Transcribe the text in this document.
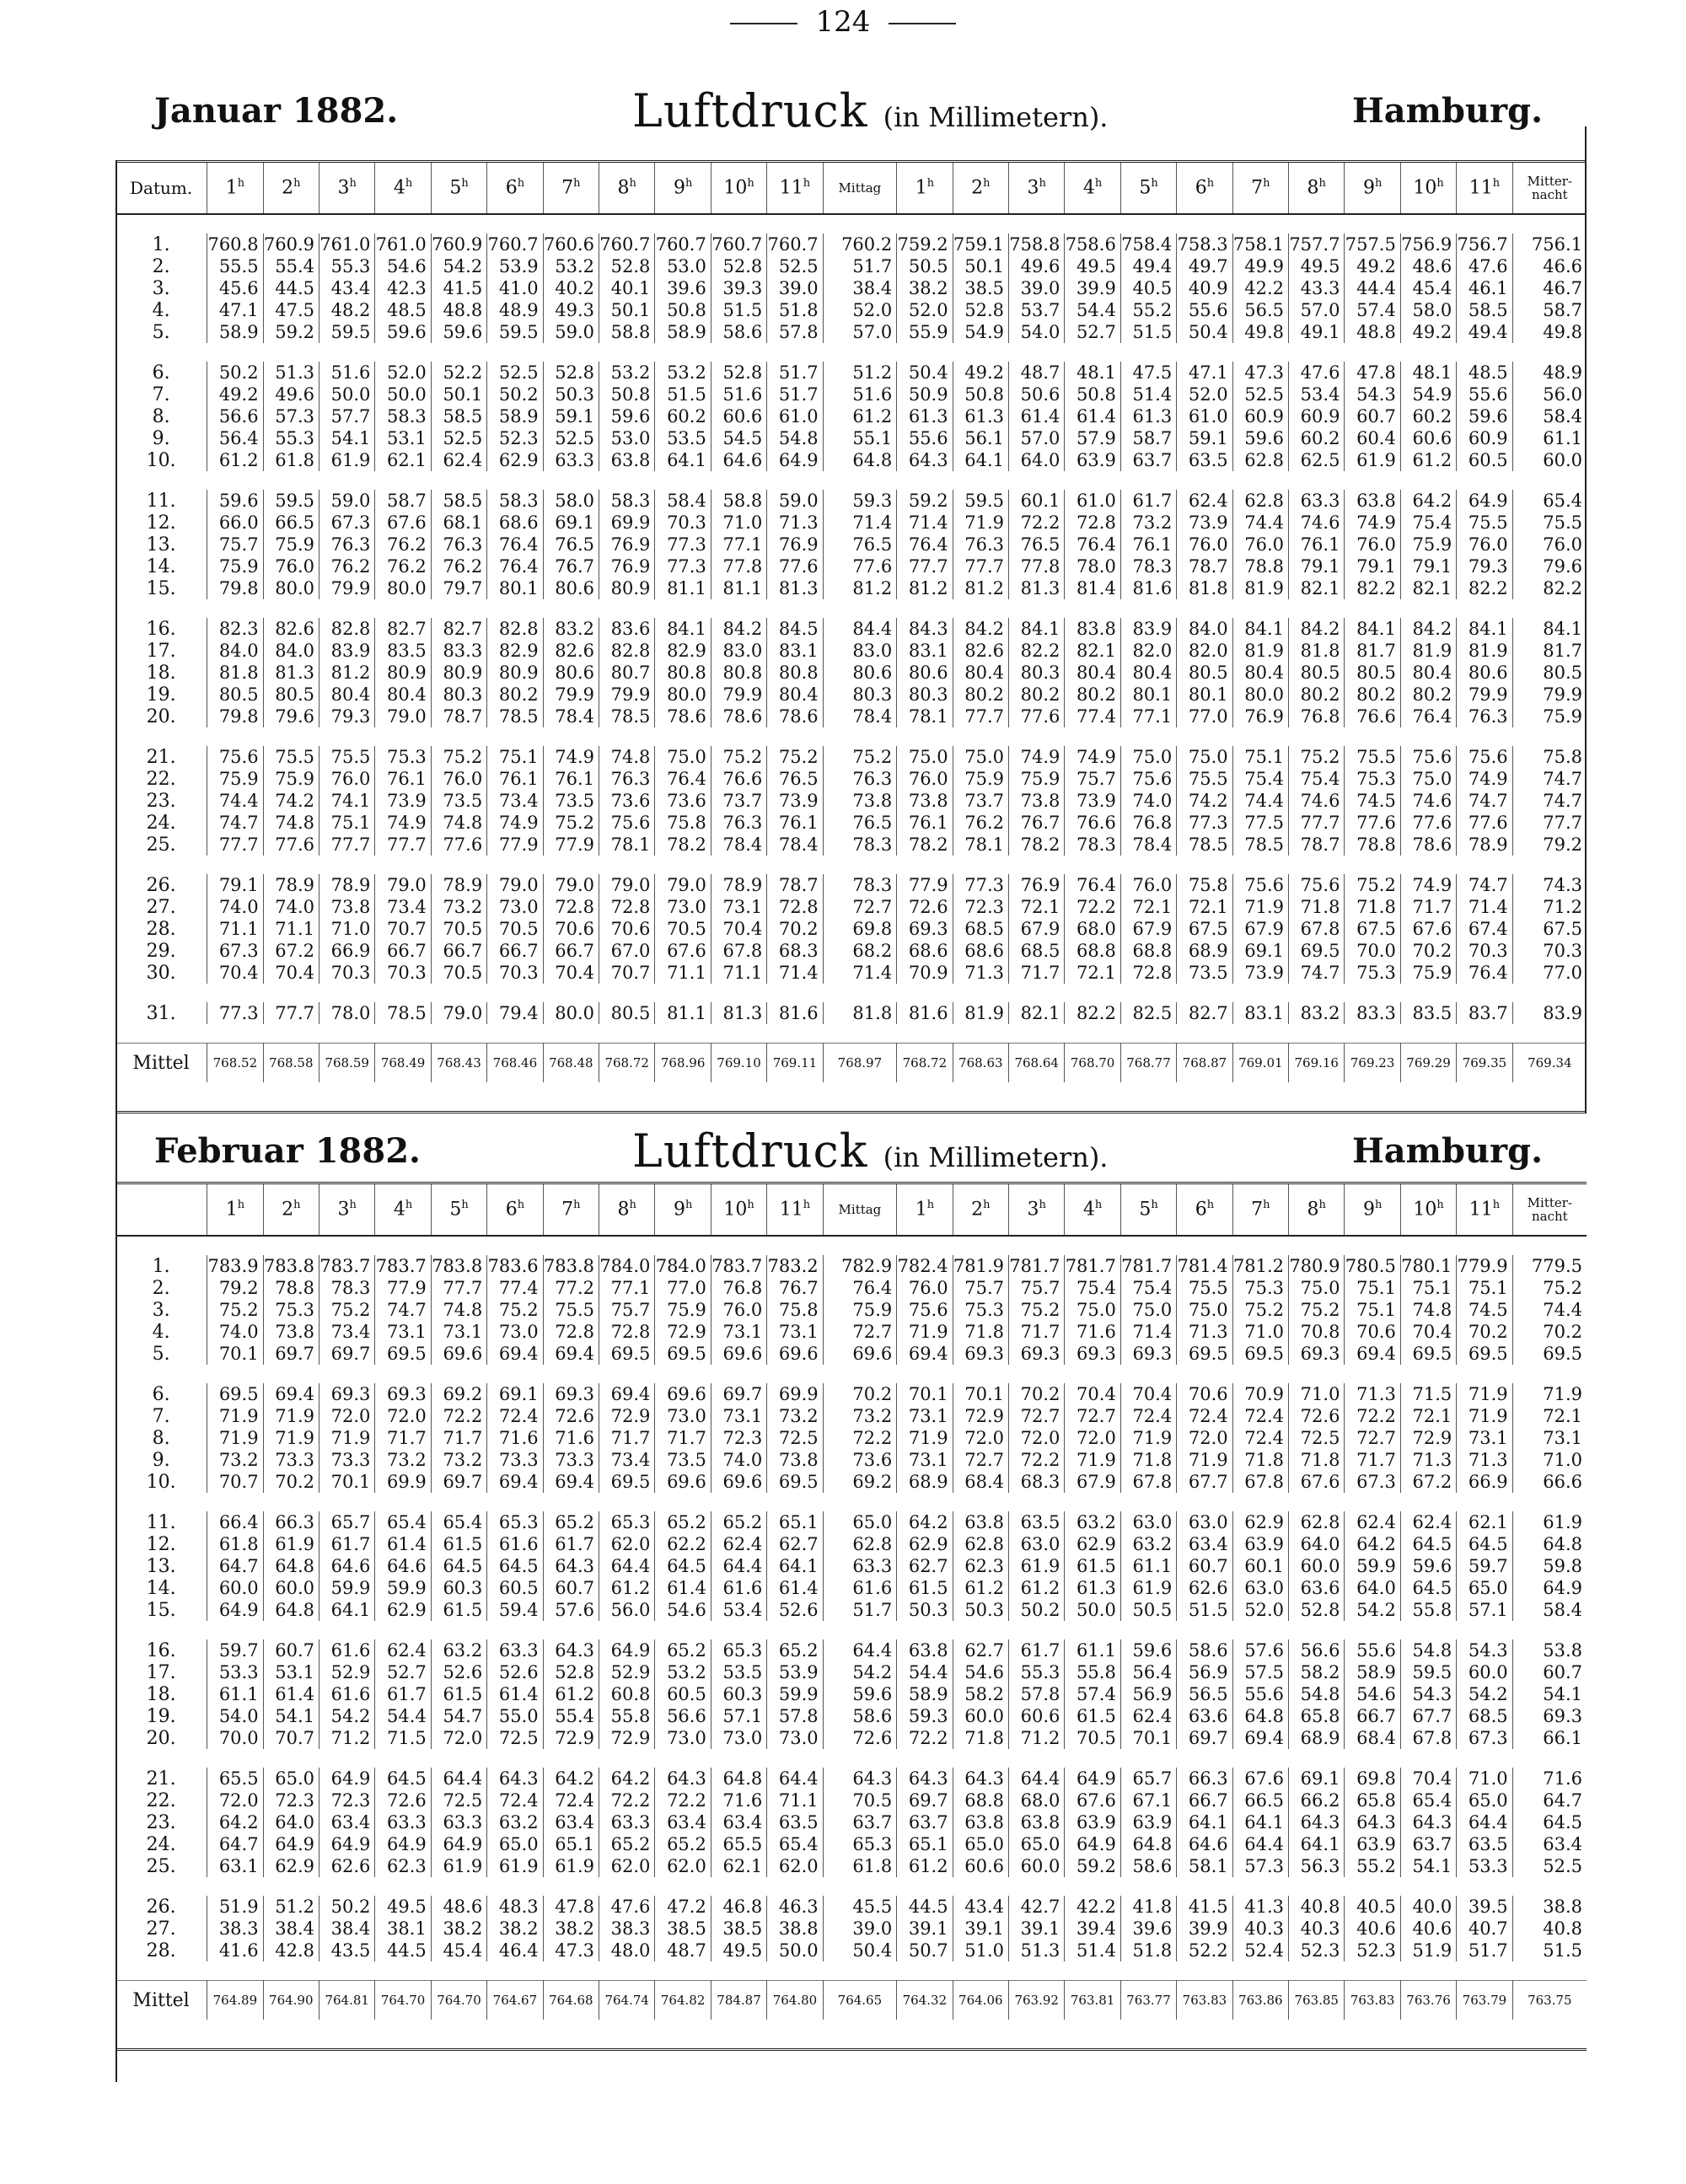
124
Januar 1882.	Luftdruck (in Millimetern).	Hamburg.
Datum.	1$^h$	2$^h$	3$^h$	4$^h$	5$^h$	6$^h$	7$^h$	8$^h$	9$^h$	10$^h$	11$^h$	Mittag	1$^h$	2$^h$	3$^h$	4$^h$	5$^h$	6$^h$	7$^h$	8$^h$	9$^h$	10$^h$	11$^h$	Mitter-nacht

1.	760.8	760.9	761.0	761.0	760.9	760.7	760.6	760.7	760.7	760.7	760.7	760.2	759.2	759.1	758.8	758.6	758.4	758.3	758.1	757.7	757.5	756.9	756.7	756.1
2.	55.5	55.4	55.3	54.6	54.2	53.9	53.2	52.8	53.0	52.8	52.5	51.7	50.5	50.1	49.6	49.5	49.4	49.7	49.9	49.5	49.2	48.6	47.6	46.6
3.	45.6	44.5	43.4	42.3	41.5	41.0	40.2	40.1	39.6	39.3	39.0	38.4	38.2	38.5	39.0	39.9	40.5	40.9	42.2	43.3	44.4	45.4	46.1	46.7
4.	47.1	47.5	48.2	48.5	48.8	48.9	49.3	50.1	50.8	51.5	51.8	52.0	52.0	52.8	53.7	54.4	55.2	55.6	56.5	57.0	57.4	58.0	58.5	58.7
5.	58.9	59.2	59.5	59.6	59.6	59.5	59.0	58.8	58.9	58.6	57.8	57.0	55.9	54.9	54.0	52.7	51.5	50.4	49.8	49.1	48.8	49.2	49.4	49.8

6.	50.2	51.3	51.6	52.0	52.2	52.5	52.8	53.2	53.2	52.8	51.7	51.2	50.4	49.2	48.7	48.1	47.5	47.1	47.3	47.6	47.8	48.1	48.5	48.9
7.	49.2	49.6	50.0	50.0	50.1	50.2	50.3	50.8	51.5	51.6	51.7	51.6	50.9	50.8	50.6	50.8	51.4	52.0	52.5	53.4	54.3	54.9	55.6	56.0
8.	56.6	57.3	57.7	58.3	58.5	58.9	59.1	59.6	60.2	60.6	61.0	61.2	61.3	61.3	61.4	61.4	61.3	61.0	60.9	60.9	60.7	60.2	59.6	58.4
9.	56.4	55.3	54.1	53.1	52.5	52.3	52.5	53.0	53.5	54.5	54.8	55.1	55.6	56.1	57.0	57.9	58.7	59.1	59.6	60.2	60.4	60.6	60.9	61.1
10.	61.2	61.8	61.9	62.1	62.4	62.9	63.3	63.8	64.1	64.6	64.9	64.8	64.3	64.1	64.0	63.9	63.7	63.5	62.8	62.5	61.9	61.2	60.5	60.0

11.	59.6	59.5	59.0	58.7	58.5	58.3	58.0	58.3	58.4	58.8	59.0	59.3	59.2	59.5	60.1	61.0	61.7	62.4	62.8	63.3	63.8	64.2	64.9	65.4
12.	66.0	66.5	67.3	67.6	68.1	68.6	69.1	69.9	70.3	71.0	71.3	71.4	71.4	71.9	72.2	72.8	73.2	73.9	74.4	74.6	74.9	75.4	75.5	75.5
13.	75.7	75.9	76.3	76.2	76.3	76.4	76.5	76.9	77.3	77.1	76.9	76.5	76.4	76.3	76.5	76.4	76.1	76.0	76.0	76.1	76.0	75.9	76.0	76.0
14.	75.9	76.0	76.2	76.2	76.2	76.4	76.7	76.9	77.3	77.8	77.6	77.6	77.7	77.7	77.8	78.0	78.3	78.7	78.8	79.1	79.1	79.1	79.3	79.6
15.	79.8	80.0	79.9	80.0	79.7	80.1	80.6	80.9	81.1	81.1	81.3	81.2	81.2	81.2	81.3	81.4	81.6	81.8	81.9	82.1	82.2	82.1	82.2	82.2

16.	82.3	82.6	82.8	82.7	82.7	82.8	83.2	83.6	84.1	84.2	84.5	84.4	84.3	84.2	84.1	83.8	83.9	84.0	84.1	84.2	84.1	84.2	84.1	84.1
17.	84.0	84.0	83.9	83.5	83.3	82.9	82.6	82.8	82.9	83.0	83.1	83.0	83.1	82.6	82.2	82.1	82.0	82.0	81.9	81.8	81.7	81.9	81.9	81.7
18.	81.8	81.3	81.2	80.9	80.9	80.9	80.6	80.7	80.8	80.8	80.8	80.6	80.6	80.4	80.3	80.4	80.4	80.5	80.4	80.5	80.5	80.4	80.6	80.5
19.	80.5	80.5	80.4	80.4	80.3	80.2	79.9	79.9	80.0	79.9	80.4	80.3	80.3	80.2	80.2	80.2	80.1	80.1	80.0	80.2	80.2	80.2	79.9	79.9
20.	79.8	79.6	79.3	79.0	78.7	78.5	78.4	78.5	78.6	78.6	78.6	78.4	78.1	77.7	77.6	77.4	77.1	77.0	76.9	76.8	76.6	76.4	76.3	75.9

21.	75.6	75.5	75.5	75.3	75.2	75.1	74.9	74.8	75.0	75.2	75.2	75.2	75.0	75.0	74.9	74.9	75.0	75.0	75.1	75.2	75.5	75.6	75.6	75.8
22.	75.9	75.9	76.0	76.1	76.0	76.1	76.1	76.3	76.4	76.6	76.5	76.3	76.0	75.9	75.9	75.7	75.6	75.5	75.4	75.4	75.3	75.0	74.9	74.7
23.	74.4	74.2	74.1	73.9	73.5	73.4	73.5	73.6	73.6	73.7	73.9	73.8	73.8	73.7	73.8	73.9	74.0	74.2	74.4	74.6	74.5	74.6	74.7	74.7
24.	74.7	74.8	75.1	74.9	74.8	74.9	75.2	75.6	75.8	76.3	76.1	76.5	76.1	76.2	76.7	76.6	76.8	77.3	77.5	77.7	77.6	77.6	77.6	77.7
25.	77.7	77.6	77.7	77.7	77.6	77.9	77.9	78.1	78.2	78.4	78.4	78.3	78.2	78.1	78.2	78.3	78.4	78.5	78.5	78.7	78.8	78.6	78.9	79.2

26.	79.1	78.9	78.9	79.0	78.9	79.0	79.0	79.0	79.0	78.9	78.7	78.3	77.9	77.3	76.9	76.4	76.0	75.8	75.6	75.6	75.2	74.9	74.7	74.3
27.	74.0	74.0	73.8	73.4	73.2	73.0	72.8	72.8	73.0	73.1	72.8	72.7	72.6	72.3	72.1	72.2	72.1	72.1	71.9	71.8	71.8	71.7	71.4	71.2
28.	71.1	71.1	71.0	70.7	70.5	70.5	70.6	70.6	70.5	70.4	70.2	69.8	69.3	68.5	67.9	68.0	67.9	67.5	67.9	67.8	67.5	67.6	67.4	67.5
29.	67.3	67.2	66.9	66.7	66.7	66.7	66.7	67.0	67.6	67.8	68.3	68.2	68.6	68.6	68.5	68.8	68.8	68.9	69.1	69.5	70.0	70.2	70.3	70.3
30.	70.4	70.4	70.3	70.3	70.5	70.3	70.4	70.7	71.1	71.1	71.4	71.4	70.9	71.3	71.7	72.1	72.8	73.5	73.9	74.7	75.3	75.9	76.4	77.0

31.	77.3	77.7	78.0	78.5	79.0	79.4	80.0	80.5	81.1	81.3	81.6	81.8	81.6	81.9	82.1	82.2	82.5	82.7	83.1	83.2	83.3	83.5	83.7	83.9

Mittel	768.52	768.58	768.59	768.49	768.43	768.46	768.48	768.72	768.96	769.10	769.11	768.97	768.72	768.63	768.64	768.70	768.77	768.87	769.01	769.16	769.23	769.29	769.35	769.34
Februar 1882.	Luftdruck (in Millimetern).	Hamburg.
	1$^h$	2$^h$	3$^h$	4$^h$	5$^h$	6$^h$	7$^h$	8$^h$	9$^h$	10$^h$	11$^h$	Mittag	1$^h$	2$^h$	3$^h$	4$^h$	5$^h$	6$^h$	7$^h$	8$^h$	9$^h$	10$^h$	11$^h$	Mitter-nacht

1.	783.9	783.8	783.7	783.7	783.8	783.6	783.8	784.0	784.0	783.7	783.2	782.9	782.4	781.9	781.7	781.7	781.7	781.4	781.2	780.9	780.5	780.1	779.9	779.5
2.	79.2	78.8	78.3	77.9	77.7	77.4	77.2	77.1	77.0	76.8	76.7	76.4	76.0	75.7	75.7	75.4	75.4	75.5	75.3	75.0	75.1	75.1	75.1	75.2
3.	75.2	75.3	75.2	74.7	74.8	75.2	75.5	75.7	75.9	76.0	75.8	75.9	75.6	75.3	75.2	75.0	75.0	75.0	75.2	75.2	75.1	74.8	74.5	74.4
4.	74.0	73.8	73.4	73.1	73.1	73.0	72.8	72.8	72.9	73.1	73.1	72.7	71.9	71.8	71.7	71.6	71.4	71.3	71.0	70.8	70.6	70.4	70.2	70.2
5.	70.1	69.7	69.7	69.5	69.6	69.4	69.4	69.5	69.5	69.6	69.6	69.6	69.4	69.3	69.3	69.3	69.3	69.5	69.5	69.3	69.4	69.5	69.5	69.5

6.	69.5	69.4	69.3	69.3	69.2	69.1	69.3	69.4	69.6	69.7	69.9	70.2	70.1	70.1	70.2	70.4	70.4	70.6	70.9	71.0	71.3	71.5	71.9	71.9
7.	71.9	71.9	72.0	72.0	72.2	72.4	72.6	72.9	73.0	73.1	73.2	73.2	73.1	72.9	72.7	72.7	72.4	72.4	72.4	72.6	72.2	72.1	71.9	72.1
8.	71.9	71.9	71.9	71.7	71.7	71.6	71.6	71.7	71.7	72.3	72.5	72.2	71.9	72.0	72.0	72.0	71.9	72.0	72.4	72.5	72.7	72.9	73.1	73.1
9.	73.2	73.3	73.3	73.2	73.2	73.3	73.3	73.4	73.5	74.0	73.8	73.6	73.1	72.7	72.2	71.9	71.8	71.9	71.8	71.8	71.7	71.3	71.3	71.0
10.	70.7	70.2	70.1	69.9	69.7	69.4	69.4	69.5	69.6	69.6	69.5	69.2	68.9	68.4	68.3	67.9	67.8	67.7	67.8	67.6	67.3	67.2	66.9	66.6

11.	66.4	66.3	65.7	65.4	65.4	65.3	65.2	65.3	65.2	65.2	65.1	65.0	64.2	63.8	63.5	63.2	63.0	63.0	62.9	62.8	62.4	62.4	62.1	61.9
12.	61.8	61.9	61.7	61.4	61.5	61.6	61.7	62.0	62.2	62.4	62.7	62.8	62.9	62.8	63.0	62.9	63.2	63.4	63.9	64.0	64.2	64.5	64.5	64.8
13.	64.7	64.8	64.6	64.6	64.5	64.5	64.3	64.4	64.5	64.4	64.1	63.3	62.7	62.3	61.9	61.5	61.1	60.7	60.1	60.0	59.9	59.6	59.7	59.8
14.	60.0	60.0	59.9	59.9	60.3	60.5	60.7	61.2	61.4	61.6	61.4	61.6	61.5	61.2	61.2	61.3	61.9	62.6	63.0	63.6	64.0	64.5	65.0	64.9
15.	64.9	64.8	64.1	62.9	61.5	59.4	57.6	56.0	54.6	53.4	52.6	51.7	50.3	50.3	50.2	50.0	50.5	51.5	52.0	52.8	54.2	55.8	57.1	58.4

16.	59.7	60.7	61.6	62.4	63.2	63.3	64.3	64.9	65.2	65.3	65.2	64.4	63.8	62.7	61.7	61.1	59.6	58.6	57.6	56.6	55.6	54.8	54.3	53.8
17.	53.3	53.1	52.9	52.7	52.6	52.6	52.8	52.9	53.2	53.5	53.9	54.2	54.4	54.6	55.3	55.8	56.4	56.9	57.5	58.2	58.9	59.5	60.0	60.7
18.	61.1	61.4	61.6	61.7	61.5	61.4	61.2	60.8	60.5	60.3	59.9	59.6	58.9	58.2	57.8	57.4	56.9	56.5	55.6	54.8	54.6	54.3	54.2	54.1
19.	54.0	54.1	54.2	54.4	54.7	55.0	55.4	55.8	56.6	57.1	57.8	58.6	59.3	60.0	60.6	61.5	62.4	63.6	64.8	65.8	66.7	67.7	68.5	69.3
20.	70.0	70.7	71.2	71.5	72.0	72.5	72.9	72.9	73.0	73.0	73.0	72.6	72.2	71.8	71.2	70.5	70.1	69.7	69.4	68.9	68.4	67.8	67.3	66.1

21.	65.5	65.0	64.9	64.5	64.4	64.3	64.2	64.2	64.3	64.8	64.4	64.3	64.3	64.3	64.4	64.9	65.7	66.3	67.6	69.1	69.8	70.4	71.0	71.6
22.	72.0	72.3	72.3	72.6	72.5	72.4	72.4	72.2	72.2	71.6	71.1	70.5	69.7	68.8	68.0	67.6	67.1	66.7	66.5	66.2	65.8	65.4	65.0	64.7
23.	64.2	64.0	63.4	63.3	63.3	63.2	63.4	63.3	63.4	63.4	63.5	63.7	63.7	63.8	63.8	63.9	63.9	64.1	64.1	64.3	64.3	64.3	64.4	64.5
24.	64.7	64.9	64.9	64.9	64.9	65.0	65.1	65.2	65.2	65.5	65.4	65.3	65.1	65.0	65.0	64.9	64.8	64.6	64.4	64.1	63.9	63.7	63.5	63.4
25.	63.1	62.9	62.6	62.3	61.9	61.9	61.9	62.0	62.0	62.1	62.0	61.8	61.2	60.6	60.0	59.2	58.6	58.1	57.3	56.3	55.2	54.1	53.3	52.5

26.	51.9	51.2	50.2	49.5	48.6	48.3	47.8	47.6	47.2	46.8	46.3	45.5	44.5	43.4	42.7	42.2	41.8	41.5	41.3	40.8	40.5	40.0	39.5	38.8
27.	38.3	38.4	38.4	38.1	38.2	38.2	38.2	38.3	38.5	38.5	38.8	39.0	39.1	39.1	39.1	39.4	39.6	39.9	40.3	40.3	40.6	40.6	40.7	40.8
28.	41.6	42.8	43.5	44.5	45.4	46.4	47.3	48.0	48.7	49.5	50.0	50.4	50.7	51.0	51.3	51.4	51.8	52.2	52.4	52.3	52.3	51.9	51.7	51.5

Mittel	764.89	764.90	764.81	764.70	764.70	764.67	764.68	764.74	764.82	784.87	764.80	764.65	764.32	764.06	763.92	763.81	763.77	763.83	763.86	763.85	763.83	763.76	763.79	763.75
